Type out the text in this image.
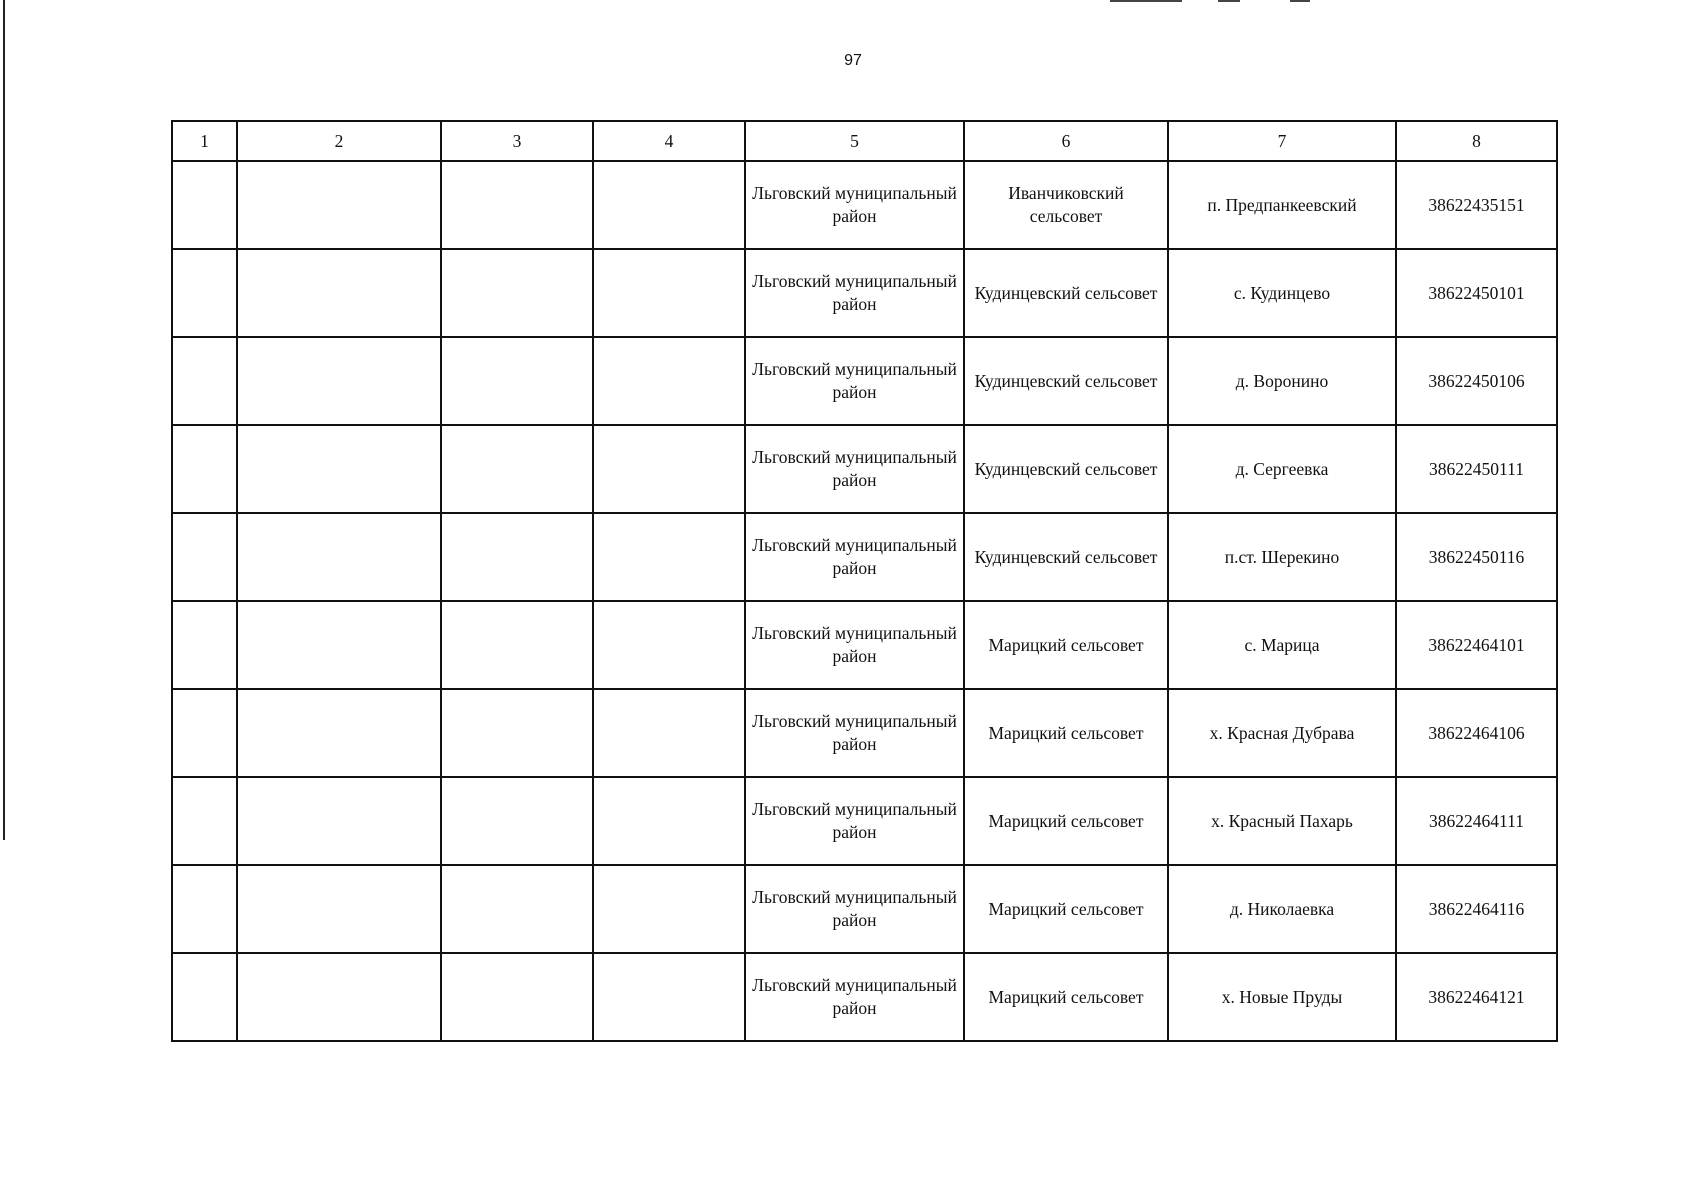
97
1	2	3	4	5	6	7	8
				Льговский муниципальный район	Иванчиковский сельсовет	п. Предпанкеевский	38622435151
				Льговский муниципальный район	Кудинцевский сельсовет	с. Кудинцево	38622450101
				Льговский муниципальный район	Кудинцевский сельсовет	д. Воронино	38622450106
				Льговский муниципальный район	Кудинцевский сельсовет	д. Сергеевка	38622450111
				Льговский муниципальный район	Кудинцевский сельсовет	п.ст. Шерекино	38622450116
				Льговский муниципальный район	Марицкий сельсовет	с. Марица	38622464101
				Льговский муниципальный район	Марицкий сельсовет	х. Красная Дубрава	38622464106
				Льговский муниципальный район	Марицкий сельсовет	х. Красный Пахарь	38622464111
				Льговский муниципальный район	Марицкий сельсовет	д. Николаевка	38622464116
				Льговский муниципальный район	Марицкий сельсовет	х. Новые Пруды	38622464121
